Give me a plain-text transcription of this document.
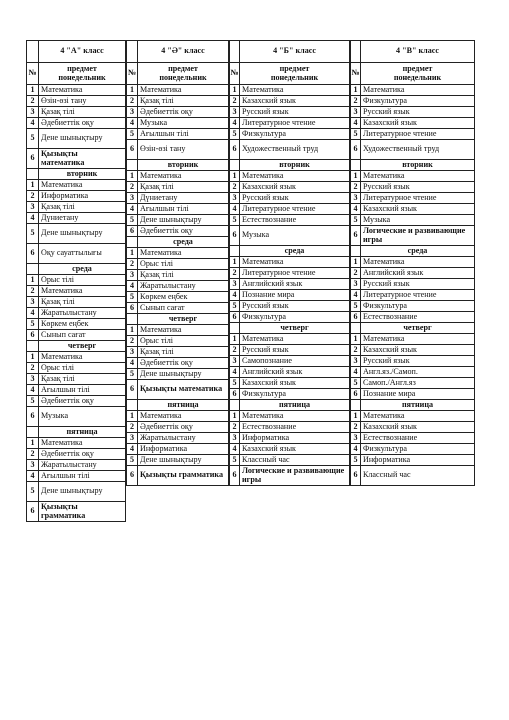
	4 "А" класс
№	предмет
понедельник

1	Математика
2	Өзін-өзі тану
3	Қазақ тілі
4	Әдебиеттік оқу
5	Дене шынықтыру
6	Қызықты математика
	вторник
1	Математика
2	Информатика
3	Қазақ тілі
4	Дүниетану
5	Дене шынықтыру
6	Оқу сауаттылығы
	среда
1	Орыс тілі
2	Математика
3	Қазақ тілі
4	Жаратылыстану
5	Көркем еңбек
6	Сынып сағат
	четверг
1	Математика
2	Орыс тілі
3	Қазақ тілі
4	Ағылшын тілі
5	Әдебиеттік оқу
6	Музыка
	пятница
1	Математика
2	Әдебиеттік оқу
3	Жаратылыстану
4	Ағылшын тілі
5	Дене шынықтыру
6	Қызықты грамматика
	4 "Ә" класс
№	предмет
понедельник

1	Математика
2	Қазақ тілі
3	Әдебиеттік оқу
4	Музыка
5	Ағылшын тілі
6	Өзін-өзі тану
	вторник
1	Математика
2	Қазақ тілі
3	Дүниетану
4	Ағылшын тілі
5	Дене шынықтыру
6	Әдебиеттік оқу
	среда
1	Математика
2	Орыс тілі
3	Қазақ тілі
4	Жаратылыстану
5	Көркем еңбек
6	Сынып сағат
	четверг
1	Математика
2	Орыс тілі
3	Қазақ тілі
4	Әдебиеттік оқу
5	Дене шынықтыру
6	Қызықты математика
	пятница
1	Математика
2	Әдебиеттік оқу
3	Жаратылыстану
4	Информатика
5	Дене шынықтыру
6	Қызықты грамматика
	4 "Б" класс
№	предмет
понедельник

1	Математика
2	Казахский язык
3	Русский язык
4	Литературное чтение
5	Физкультура
6	Художественный труд
	вторник
1	Математика
2	Казахский язык
3	Русский язык
4	Литературное чтение
5	Естествознание
6	Музыка
	среда
1	Математика
2	Литературное чтение
3	Английский язык
4	Познание мира
5	Русский язык
6	Физкультура
	четверг
1	Математика
2	Русский язык
3	Самопознание
4	Английский язык
5	Казахский язык
6	Физкультура
	пятница
1	Математика
2	Естествознание
3	Информатика
4	Казахский язык
5	Классный час
6	Логические и развивающие игры
	4 "В" класс
№	предмет
понедельник

1	Математика
2	Физкультура
3	Русский язык
4	Казахский язык
5	Литературное чтение
6	Художественный труд
	вторник
1	Математика
2	Русский язык
3	Литературное чтение
4	Казахский язык
5	Музыка
6	Логические и развивающие игры
	среда
1	Математика
2	Английский язык
3	Русский язык
4	Литературное чтение
5	Физкультура
6	Естествознание
	четверг
1	Математика
2	Казахский язык
3	Русский язык
4	Англ.яз./Самоп.
5	Самоп./Англ.яз
6	Познание мира
	пятница
1	Математика
2	Казахский язык
3	Естествознание
4	Физкультура
5	Информатика
6	Классный час
